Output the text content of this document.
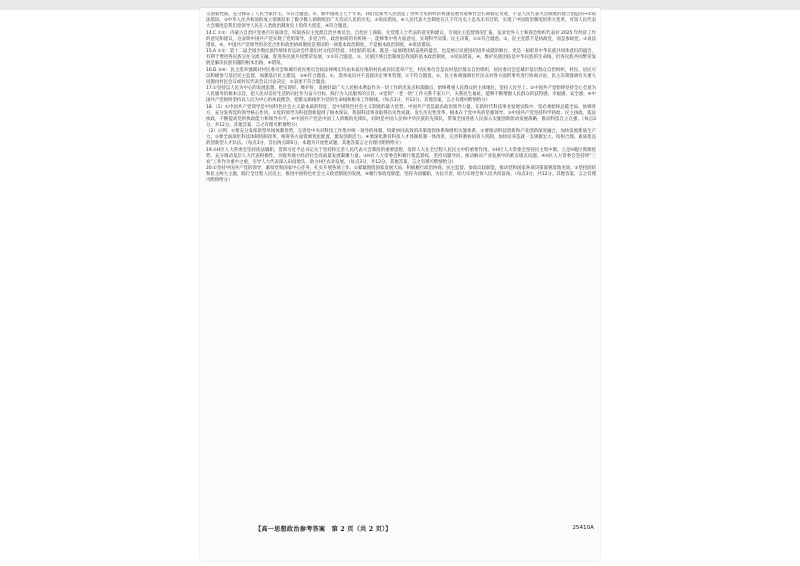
义国家性质、充分保证了人民当家作主。①符合题意。②，新中国成立七十年来，我们党领导人民创造了世所罕见的经济快速发展奇迹和社会长期稳定奇迹，不是人民代表大会制度的建立创造的→②说法错误。③中华人民共和国的成立彻底结束了极少数人剥削统治广大劳动人民的历史，③说法错误。④人民代表大会制度在几千年历史上是从未有过的，实现了中国政治制度的伟大变革，可知人民代表大会制度是我们党领导人民在人类政治制度史上的伟大创造，④符合题意。

14.C ①②：内蒙古自治区党委召开座谈会，听取各民主党派自治区委员会、自治区工商联、无党派人士代表的意见和建议，专项民主监督情况汇报，征求党外人士和商会组织代表对 2025 年经济工作的意见和建议，这表明中国共产党实现了党的领导、多党合作、政治协商的有机统一，能够集中各方面意见，实现科学决策、民主决策，①②符合题意。③，民主党派不是执政党，而是参政党，③说法错误。④，中国共产党领导的多党合作和政治协商制度是我国的一项基本政治制度，不是根本政治制度，④说法错误。

15.A ①②：第十二届全国少数民族传统体育运动会传递出对文化的热爱，对团结的追求，既是一届展现团结奋进的盛会，也是展示民族团结进步成就的舞台。更是一届彰显中华民族共同体意识的盛会，有利于增进各民族交往交流交融，促进各民族共同繁荣发展，①②符合题意。③，民族区域自治制度是我国的基本政治制度，③说法错误。④，维护民族团结是中华民族的生命线，但各民族共同繁荣发展是解决民族问题的根本出路，④错误。

16.D ③④：民主选举强调对村民委员会和城市居民委员会按法律规定均由本届住地的村民或居民选举产生，村民委员会是农村基层群众自治组织，居民委员会是城市基层群众自治组织，村民、居民可以积极参与基层民主监督，加强基层民主建设，③④符合题意。①，选举成员并不直接决定事务管理，①不符合题意。②，民主协商强调社区民众对各方面的事务进行协商讨论，民主决策强调有关重大问题由村民会议或村民代表会议讨论决定，②表述不符合题意。

17.①坚持以人民为中心的发展思想，把实现好、维护好、发展好最广大人民根本利益作为一切工作的出发点和落脚点，始终尊重人民群众的主体地位，坚持人民至上。②中国共产党始终坚持全心全意为人民服务的根本宗旨，把人民对美好生活的向往作为奋斗目标，践行为人民服务的宗旨。③党的“一老一幼”工作关系千家万户，关系民生福祉，能够不断增强人民群众的获得感、幸福感、安全感。④中国共产党始终坚持以人民为中心的执政理念，把群众路线作为党的生命线和根本工作路线。（每点3分，共12分。其他答案，言之有理可酌情给分）

18.（1）①中国共产党领导是中国特色社会主义最本质的特征，是中国特色社会主义制度的最大优势，中国共产党是最高政治领导力量。在新时代科技事业发展实践中，党必须始终总揽全局、协调各方，充分发挥党的领导核心作用。②党的领导为科技创新提供了根本保证，我国科技事业取得历史性成就、发生历史性变革，根本在于党中央的坚强领导。③中国共产党坚持科学执政、民主执政、依法执政，不断提高党的执政能力和领导水平。④中国共产党是中国工人阶级的先锋队，同时是中国人民和中华民族的先锋队，带领全国各族人民深入实施创新驱动发展战略，推动科技自立自强。（每点3分，共12分。其他答案，言之有理可酌情给分）

（2）示例：①要充分发挥新型举国体制优势，完善党中央对科技工作集中统一领导的体制，构建协同高效的决策指挥体系和组织实施体系。②要推动科技创新和产业创新深度融合，加快发展新质生产力。③要全面深化科技体制机制改革，统筹各方面资源优化配置，激发创新活力。④要深化教育科技人才体制机制一体改革，完善科教协同育人机制，加快培养造就一支规模宏大、结构合理、素质优良的创新型人才队伍。（每点3分，答出两点即6分。本题为开放性试题，其他答案言之有理可酌情给分）

19.①H区人大常委会坚持依法履职，贯彻习近平总书记关于坚持和完善人民代表大会制度的重要思想，发挥人大在全过程人民民主中的重要作用。②H区人大常委会坚持民主集中制，立足H地区资源优势，充分调动基层人大代表积极性，为服务地方经济社会高质量发展凝聚力量。③H区人大常委会积极行使监督权，坚持问题导向，推动解决产业发展中的难点堵点问题。④H区人大常委会坚持将“三农”工作作为重中之重，引导人大代表深入田间地头，助力H区农业发展。（每点3分，共12分。其他答案，言之有理可酌情给分）

20.①坚持中国共产党的领导，紧扣党和国家中心任务，扎实开展各项工作。②紧紧围绕国家发展大局，积极履行政治协商、民主监督、参政议政职能，推动党和国家各项决策部署落地见效。③坚持团结和民主两大主题，践行全过程人民民主，推进中国特色社会主义政党制度的发展。④履行参政党职能，坚持为国履职、为民尽责，助力实现全体人民共同富裕。（每点3分，共12分。其他答案，言之有理可酌情给分）

【高一思想政治参考答案　第 2 页（共 2 页）】	25410A
